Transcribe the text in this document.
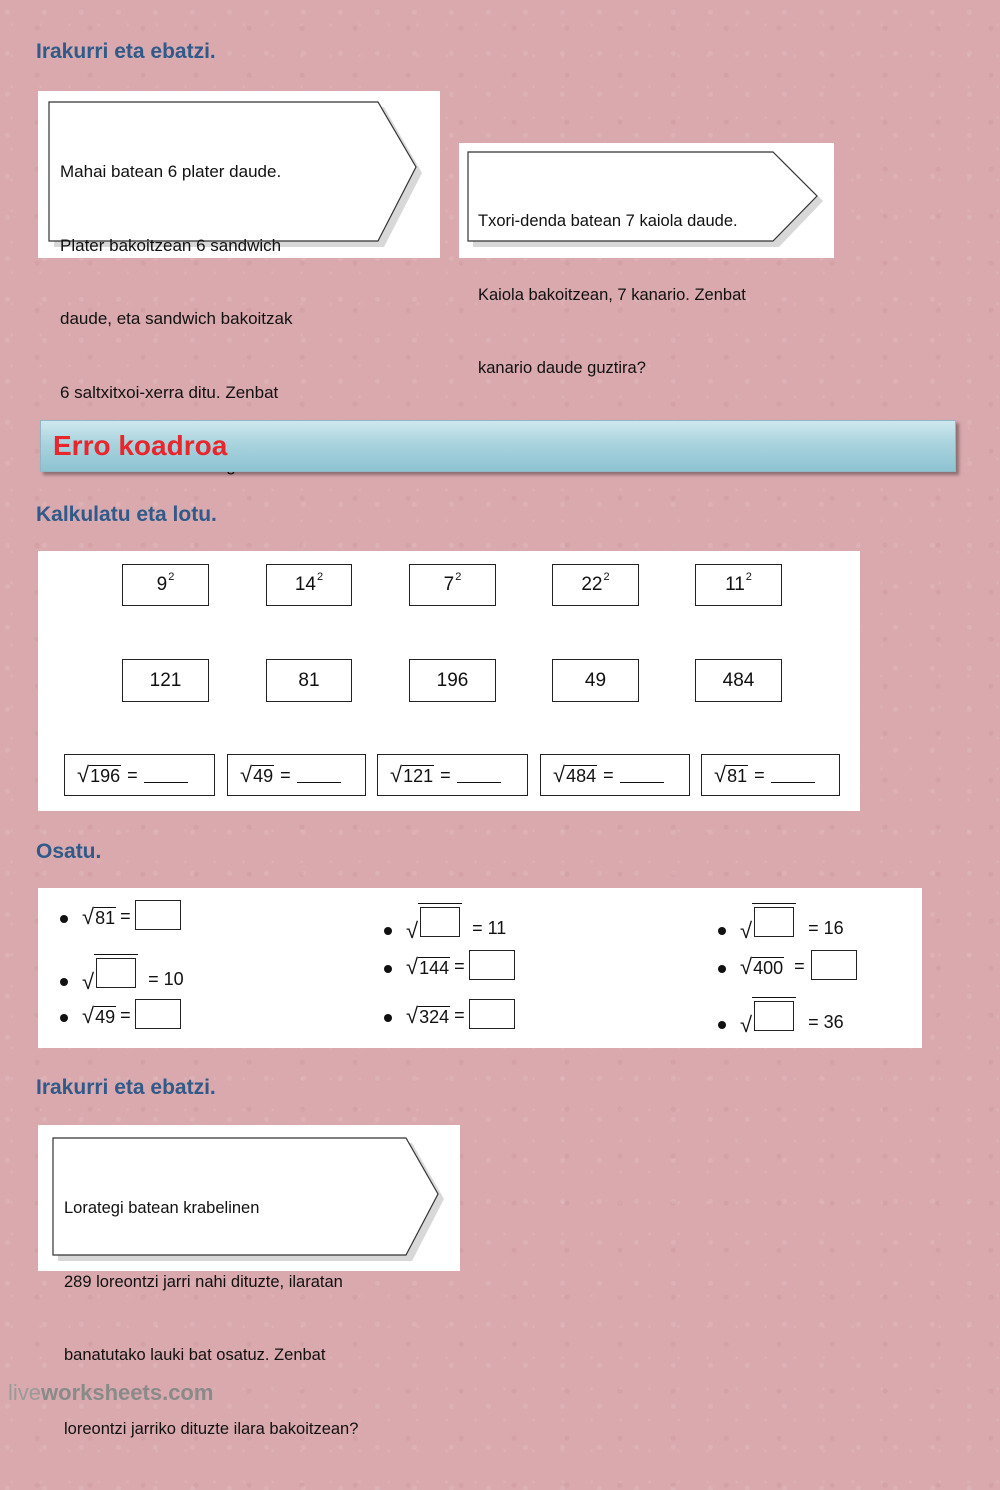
Irakurri eta ebatzi.

Mahai batean 6 plater daude.

Plater bakoitzean 6 sandwich

daude, eta sandwich bakoitzak

6 saltxitxoi-xerra ditu. Zenbat

Txori-denda batean 7 kaiola daude.

Kaiola bakoitzean, 7 kanario. Zenbat

kanario daude guztira?

Erro koadroa
Kalkulatu eta lotu.
9 2	14 2	7 2	22 2	11 2
121	81	196	49	484
√196 =	√49 =	√121 =	√484 =	√81 =
Osatu.
√81 =
√	= 10
√49 =
√	= 11
√144 =
√324 =
√	= 16
√400 =
√	= 36
Irakurri eta ebatzi.

Lorategi batean krabelinen

289 loreontzi jarri nahi dituzte, ilaratan

banatutako lauki bat osatuz. Zenbat

loreontzi jarriko dituzte ilara bakoitzean?

liveworksheets.com
